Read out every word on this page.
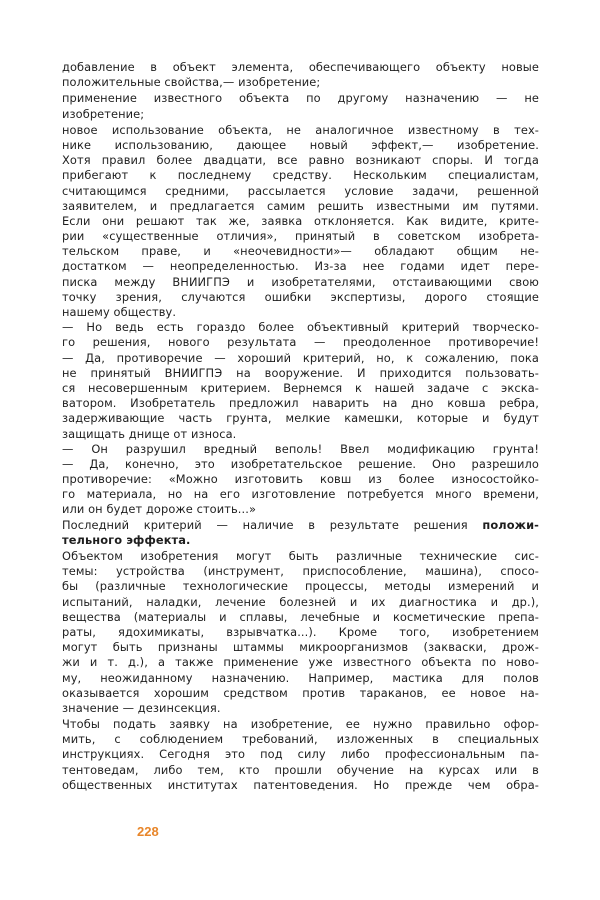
добавление в объект элемента, обеспечивающего объекту новые
положительные свойства,— изобретение;
применение известного объекта по другому назначению — не
изобретение;
новое использование объекта, не аналогичное известному в тех-
нике использованию, дающее новый эффект,— изобретение.
Хотя правил более двадцати, все равно возникают споры. И тогда
прибегают к последнему средству. Нескольким специалистам,
считающимся средними, рассылается условие задачи, решенной
заявителем, и предлагается самим решить известными им путями.
Если они решают так же, заявка отклоняется. Как видите, крите-
рии «существенные отличия», принятый в советском изобрета-
тельском праве, и «неочевидности»— обладают общим не-
достатком — неопределенностью. Из-за нее годами идет пере-
писка между ВНИИГПЭ и изобретателями, отстаивающими свою
точку зрения, случаются ошибки экспертизы, дорого стоящие
нашему обществу.
— Но ведь есть гораздо более объективный критерий творческо-
го решения, нового результата — преодоленное противоречие!
— Да, противоречие — хороший критерий, но, к сожалению, пока
не принятый ВНИИГПЭ на вооружение. И приходится пользовать-
ся несовершенным критерием. Вернемся к нашей задаче с экска-
ватором. Изобретатель предложил наварить на дно ковша ребра,
задерживающие часть грунта, мелкие камешки, которые и будут
защищать днище от износа.
— Он разрушил вредный веполь! Ввел модификацию грунта!
— Да, конечно, это изобретательское решение. Оно разрешило
противоречие: «Можно изготовить ковш из более износостойко-
го материала, но на его изготовление потребуется много времени,
или он будет дороже стоить...»
Последний критерий — наличие в результате решения положи-
тельного эффекта.
Объектом изобретения могут быть различные технические сис-
темы: устройства (инструмент, приспособление, машина), спосо-
бы (различные технологические процессы, методы измерений и
испытаний, наладки, лечение болезней и их диагностика и др.),
вещества (материалы и сплавы, лечебные и косметические препа-
раты, ядохимикаты, взрывчатка...). Кроме того, изобретением
могут быть признаны штаммы микроорганизмов (закваски, дрож-
жи и т. д.), а также применение уже известного объекта по ново-
му, неожиданному назначению. Например, мастика для полов
оказывается хорошим средством против тараканов, ее новое на-
значение — дезинсекция.
Чтобы подать заявку на изобретение, ее нужно правильно офор-
мить, с соблюдением требований, изложенных в специальных
инструкциях. Сегодня это под силу либо профессиональным па-
тентоведам, либо тем, кто прошли обучение на курсах или в
общественных институтах патентоведения. Но прежде чем обра-
228
